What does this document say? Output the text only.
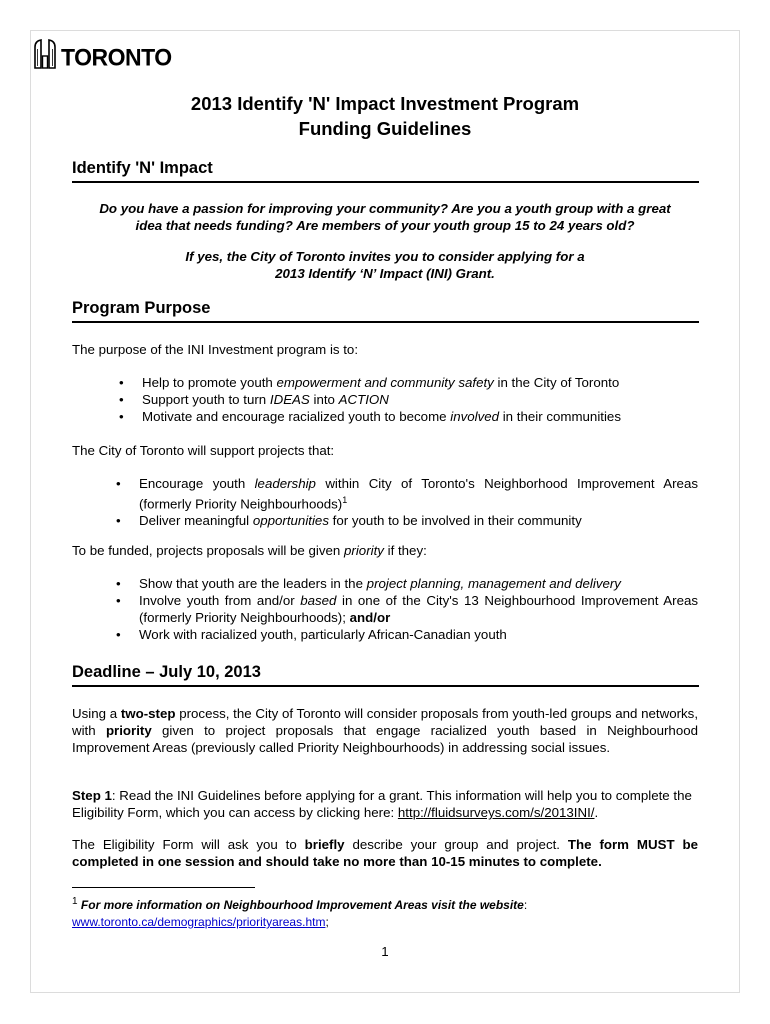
TORONTO
2013 Identify 'N' Impact Investment Program
Funding Guidelines
Identify 'N' Impact
Do you have a passion for improving your community? Are you a youth group with a great
idea that needs funding? Are members of your youth group 15 to 24 years old?
If yes, the City of Toronto invites you to consider applying for a
2013 Identify ‘N’ Impact (INI) Grant.
Program Purpose
The purpose of the INI Investment program is to:
• Help to promote youth empowerment and community safety in the City of Toronto
• Support youth to turn IDEAS into ACTION
• Motivate and encourage racialized youth to become involved in their communities
The City of Toronto will support projects that:
• Encourage youth leadership within City of Toronto's Neighborhood Improvement Areas (formerly Priority Neighbourhoods)$^1$
• Deliver meaningful opportunities for youth to be involved in their community
To be funded, projects proposals will be given priority if they:
• Show that youth are the leaders in the project planning, management and delivery
• Involve youth from and/or based in one of the City's 13 Neighbourhood Improvement Areas (formerly Priority Neighbourhoods); and/or
• Work with racialized youth, particularly African-Canadian youth
Deadline – July 10, 2013
Using a two-step process, the City of Toronto will consider proposals from youth-led groups and networks, with priority given to project proposals that engage racialized youth based in Neighbourhood Improvement Areas (previously called Priority Neighbourhoods) in addressing social issues.
Step 1: Read the INI Guidelines before applying for a grant. This information will help you to complete the Eligibility Form, which you can access by clicking here: http://fluidsurveys.com/s/2013INI/.
The Eligibility Form will ask you to briefly describe your group and project. The form MUST be completed in one session and should take no more than 10-15 minutes to complete.
$^1$ For more information on Neighbourhood Improvement Areas visit the website:
www.toronto.ca/demographics/priorityareas.htm;
1
